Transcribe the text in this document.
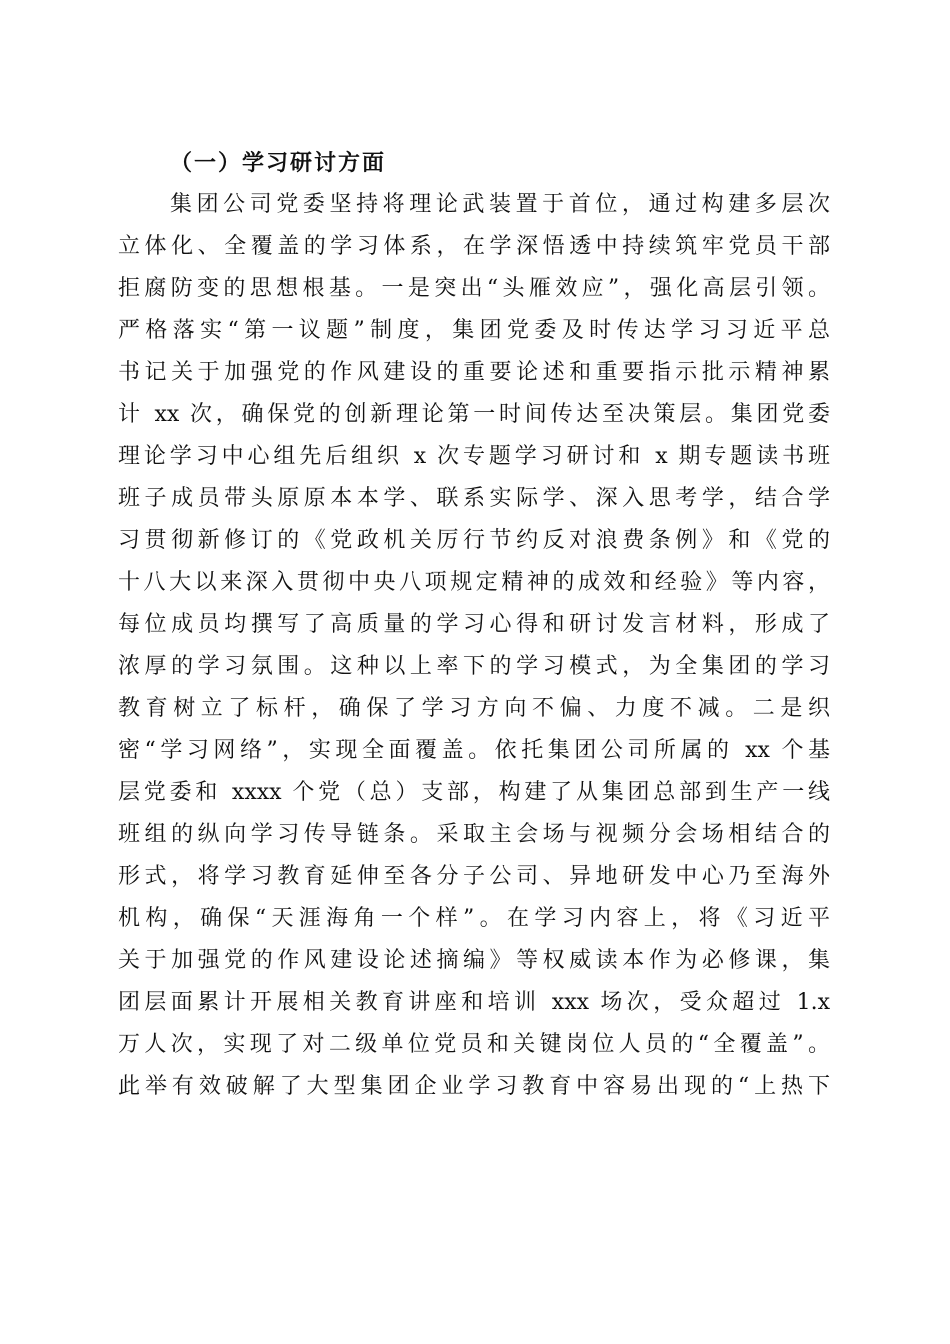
（一）学习研讨方面
集团公司党委坚持将理论武装置于首位，通过构建多层次
立体化、全覆盖的学习体系，在学深悟透中持续筑牢党员干部
拒腐防变的思想根基。一是突出“头雁效应”，强化高层引领。
严格落实“第一议题”制度，集团党委及时传达学习习近平总
书记关于加强党的作风建设的重要论述和重要指示批示精神累
计 xx 次，确保党的创新理论第一时间传达至决策层。集团党委
理论学习中心组先后组织 x 次专题学习研讨和 x 期专题读书班
班子成员带头原原本本学、联系实际学、深入思考学，结合学
习贯彻新修订的《党政机关厉行节约反对浪费条例》和《党的
十八大以来深入贯彻中央八项规定精神的成效和经验》等内容，
每位成员均撰写了高质量的学习心得和研讨发言材料，形成了
浓厚的学习氛围。这种以上率下的学习模式，为全集团的学习
教育树立了标杆，确保了学习方向不偏、力度不减。二是织
密“学习网络”，实现全面覆盖。依托集团公司所属的 xx 个基
层党委和 xxxx 个党（总）支部，构建了从集团总部到生产一线
班组的纵向学习传导链条。采取主会场与视频分会场相结合的
形式，将学习教育延伸至各分子公司、异地研发中心乃至海外
机构，确保“天涯海角一个样”。在学习内容上，将《习近平
关于加强党的作风建设论述摘编》等权威读本作为必修课，集
团层面累计开展相关教育讲座和培训 xxx 场次，受众超过 1.x
万人次，实现了对二级单位党员和关键岗位人员的“全覆盖”。
此举有效破解了大型集团企业学习教育中容易出现的“上热下
